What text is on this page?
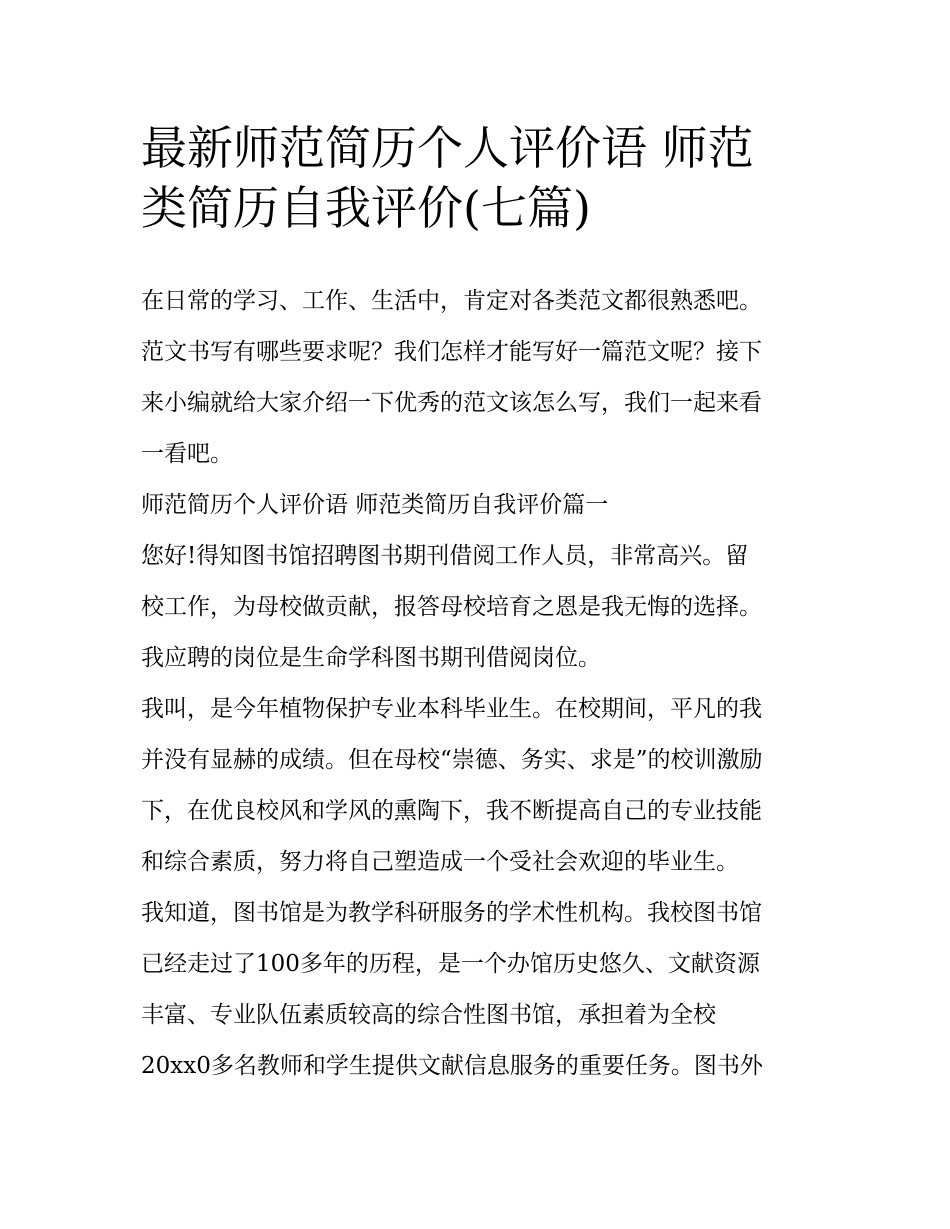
最新师范简历个人评价语 师范
类简历自我评价(七篇)
在日常的学习、工作、生活中，肯定对各类范文都很熟悉吧。
范文书写有哪些要求呢？我们怎样才能写好一篇范文呢？接下
来小编就给大家介绍一下优秀的范文该怎么写，我们一起来看
一看吧。
师范简历个人评价语 师范类简历自我评价篇一
您好!得知图书馆招聘图书期刊借阅工作人员，非常高兴。留
校工作，为母校做贡献，报答母校培育之恩是我无悔的选择。
我应聘的岗位是生命学科图书期刊借阅岗位。
我叫，是今年植物保护专业本科毕业生。在校期间，平凡的我
并没有显赫的成绩。但在母校“崇德、务实、求是”的校训激励
下，在优良校风和学风的熏陶下，我不断提高自己的专业技能
和综合素质，努力将自己塑造成一个受社会欢迎的毕业生。
我知道，图书馆是为教学科研服务的学术性机构。我校图书馆
已经走过了100多年的历程，是一个办馆历史悠久、文献资源
丰富、专业队伍素质较高的综合性图书馆，承担着为全校
20xx0多名教师和学生提供文献信息服务的重要任务。图书外
